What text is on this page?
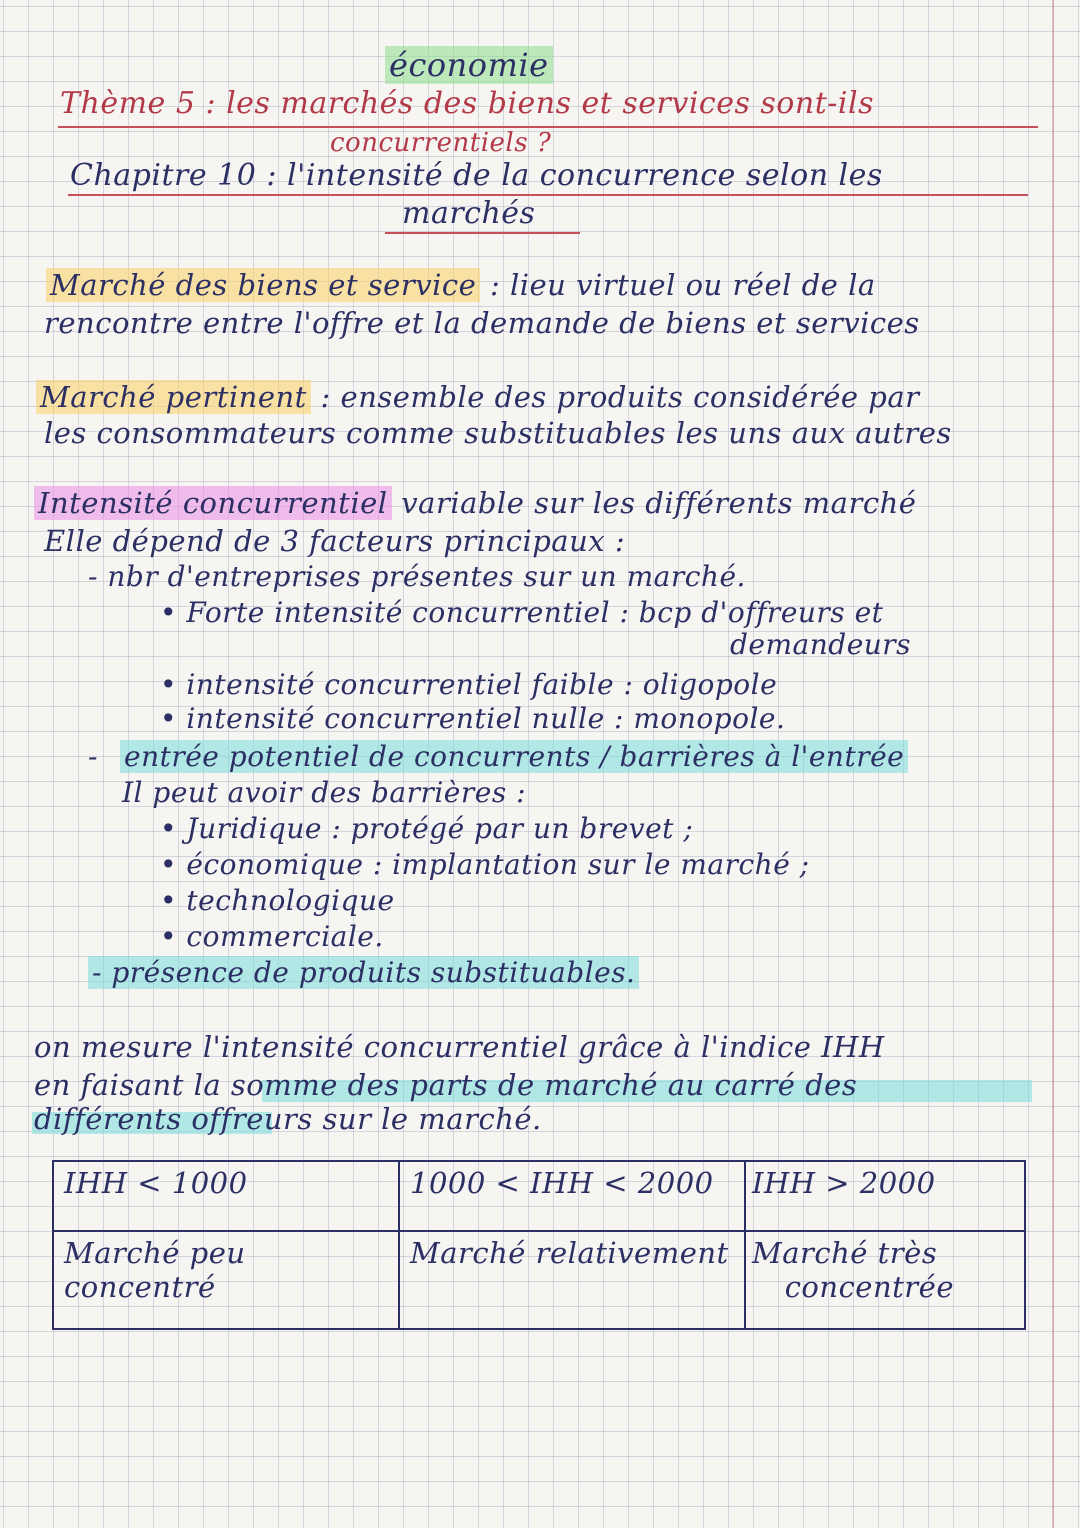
économie
Thème 5 : les marchés des biens et services sont-ils
concurrentiels ?
Chapitre 10 : l'intensité de la concurrence selon les
marchés
Marché des biens et service : lieu virtuel ou réel de la
rencontre entre l'offre et la demande de biens et services
Marché pertinent : ensemble des produits considérée par
les consommateurs comme substituables les uns aux autres
Intensité concurrentiel variable sur les différents marché
Elle dépend de 3 facteurs principaux :
- nbr d'entreprises présentes sur un marché.
• Forte intensité concurrentiel : bcp d'offreurs et
demandeurs
• intensité concurrentiel faible : oligopole
• intensité concurrentiel nulle : monopole.
- entrée potentiel de concurrents / barrières à l'entrée
Il peut avoir des barrières :
• Juridique : protégé par un brevet ;
• économique : implantation sur le marché ;
• technologique
• commerciale.
- présence de produits substituables.
on mesure l'intensité concurrentiel grâce à l'indice IHH
en faisant la somme des parts de marché au carré des
différents offreurs sur le marché.
IHH < 1000	1000 < IHH < 2000	IHH > 2000
Marché peu concentré	Marché relativement	Marché très
concentrée
